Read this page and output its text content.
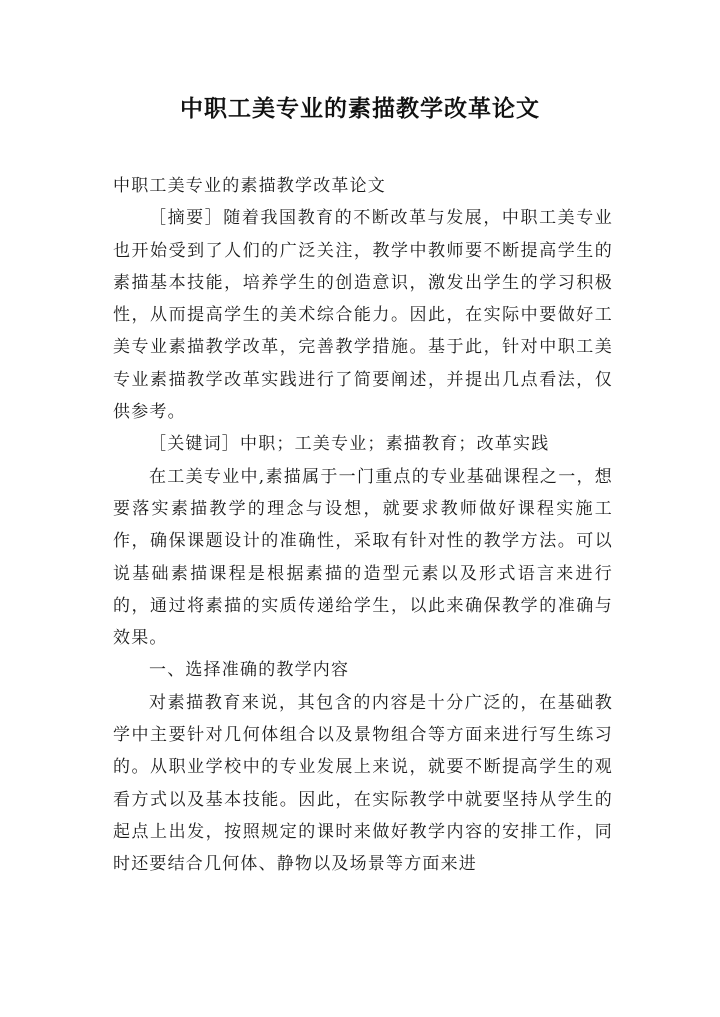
中职工美专业的素描教学改革论文

中职工美专业的素描教学改革论文

［摘要］随着我国教育的不断改革与发展，中职工美专业也开始受到了人们的广泛关注，教学中教师要不断提高学生的素描基本技能，培养学生的创造意识，激发出学生的学习积极性，从而提高学生的美术综合能力。因此，在实际中要做好工美专业素描教学改革，完善教学措施。基于此，针对中职工美专业素描教学改革实践进行了简要阐述，并提出几点看法，仅供参考。

［关键词］中职；工美专业；素描教育；改革实践

在工美专业中,素描属于一门重点的专业基础课程之一，想要落实素描教学的理念与设想，就要求教师做好课程实施工作，确保课题设计的准确性，采取有针对性的教学方法。可以说基础素描课程是根据素描的造型元素以及形式语言来进行的，通过将素描的实质传递给学生，以此来确保教学的准确与效果。

一、选择准确的教学内容

对素描教育来说，其包含的内容是十分广泛的，在基础教学中主要针对几何体组合以及景物组合等方面来进行写生练习的。从职业学校中的专业发展上来说，就要不断提高学生的观看方式以及基本技能。因此，在实际教学中就要坚持从学生的起点上出发，按照规定的课时来做好教学内容的安排工作，同时还要结合几何体、静物以及场景等方面来进
